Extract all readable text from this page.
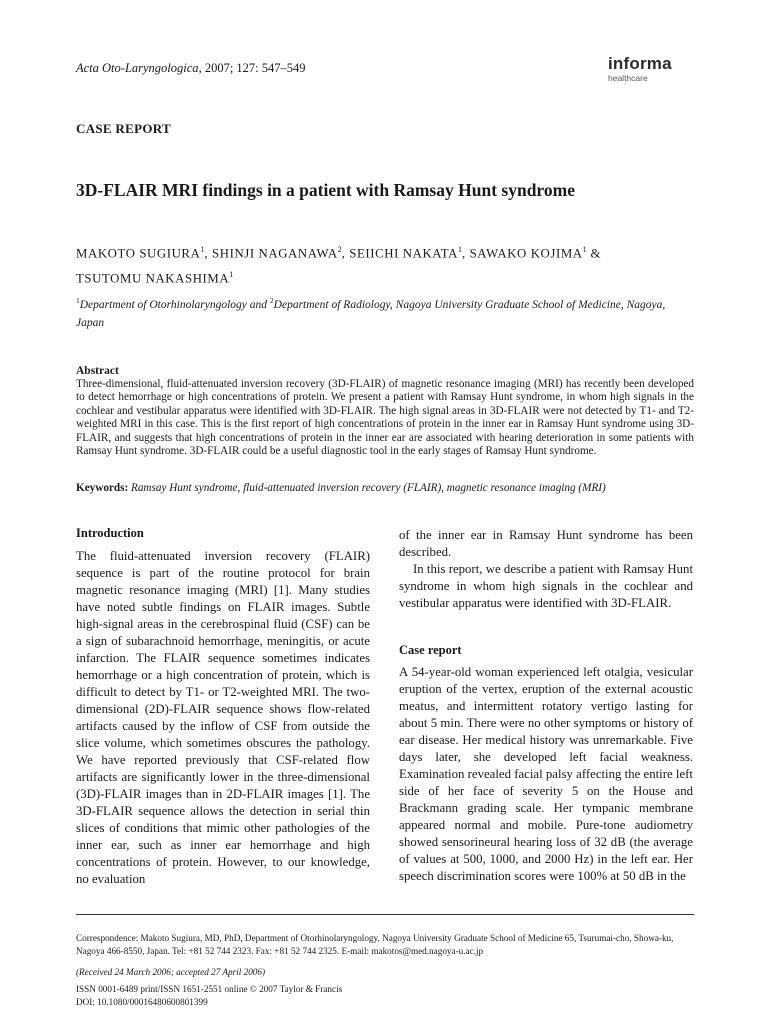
Acta Oto-Laryngologica, 2007; 127: 547–549	informa
healthcare
CASE REPORT
3D-FLAIR MRI findings in a patient with Ramsay Hunt syndrome
MAKOTO SUGIURA$^1$, SHINJI NAGANAWA$^2$, SEIICHI NAKATA$^1$, SAWAKO KOJIMA$^1$ &
TSUTOMU NAKASHIMA$^1$
$^1$Department of Otorhinolaryngology and $^2$Department of Radiology, Nagoya University Graduate School of Medicine, Nagoya, Japan
Abstract
Three-dimensional, fluid-attenuated inversion recovery (3D-FLAIR) of magnetic resonance imaging (MRI) has recently been developed to detect hemorrhage or high concentrations of protein. We present a patient with Ramsay Hunt syndrome, in whom high signals in the cochlear and vestibular apparatus were identified with 3D-FLAIR. The high signal areas in 3D-FLAIR were not detected by T1- and T2-weighted MRI in this case. This is the first report of high concentrations of protein in the inner ear in Ramsay Hunt syndrome using 3D-FLAIR, and suggests that high concentrations of protein in the inner ear are associated with hearing deterioration in some patients with Ramsay Hunt syndrome. 3D-FLAIR could be a useful diagnostic tool in the early stages of Ramsay Hunt syndrome.
Keywords: Ramsay Hunt syndrome, fluid-attenuated inversion recovery (FLAIR), magnetic resonance imaging (MRI)
Introduction

The fluid-attenuated inversion recovery (FLAIR) sequence is part of the routine protocol for brain magnetic resonance imaging (MRI) [1]. Many studies have noted subtle findings on FLAIR images. Subtle high-signal areas in the cerebrospinal fluid (CSF) can be a sign of subarachnoid hemorrhage, meningitis, or acute infarction. The FLAIR sequence sometimes indicates hemorrhage or a high concentration of protein, which is difficult to detect by T1- or T2-weighted MRI. The two-dimensional (2D)-FLAIR sequence shows flow-related artifacts caused by the inflow of CSF from outside the slice volume, which sometimes obscures the pathology. We have reported previously that CSF-related flow artifacts are significantly lower in the three-dimensional (3D)-FLAIR images than in 2D-FLAIR images [1]. The 3D-FLAIR sequence allows the detection in serial thin slices of conditions that mimic other pathologies of the inner ear, such as inner ear hemorrhage and high concentrations of protein. However, to our knowledge, no evaluation

of the inner ear in Ramsay Hunt syndrome has been described.

In this report, we describe a patient with Ramsay Hunt syndrome in whom high signals in the cochlear and vestibular apparatus were identified with 3D-FLAIR.

Case report

A 54-year-old woman experienced left otalgia, vesicular eruption of the vertex, eruption of the external acoustic meatus, and intermittent rotatory vertigo lasting for about 5 min. There were no other symptoms or history of ear disease. Her medical history was unremarkable. Five days later, she developed left facial weakness. Examination revealed facial palsy affecting the entire left side of her face of severity 5 on the House and Brackmann grading scale. Her tympanic membrane appeared normal and mobile. Pure-tone audiometry showed sensorineural hearing loss of 32 dB (the average of values at 500, 1000, and 2000 Hz) in the left ear. Her speech discrimination scores were 100% at 50 dB in the

Correspondence: Makoto Sugiura, MD, PhD, Department of Otorhinolaryngology, Nagoya University Graduate School of Medicine 65, Tsurumai-cho, Showa-ku, Nagoya 466-8550, Japan. Tel: +81 52 744 2323. Fax: +81 52 744 2325. E-mail: makotos@med.nagoya-u.ac.jp
(Received 24 March 2006; accepted 27 April 2006)
ISSN 0001-6489 print/ISSN 1651-2551 online © 2007 Taylor & Francis
DOI: 10.1080/00016480600801399
